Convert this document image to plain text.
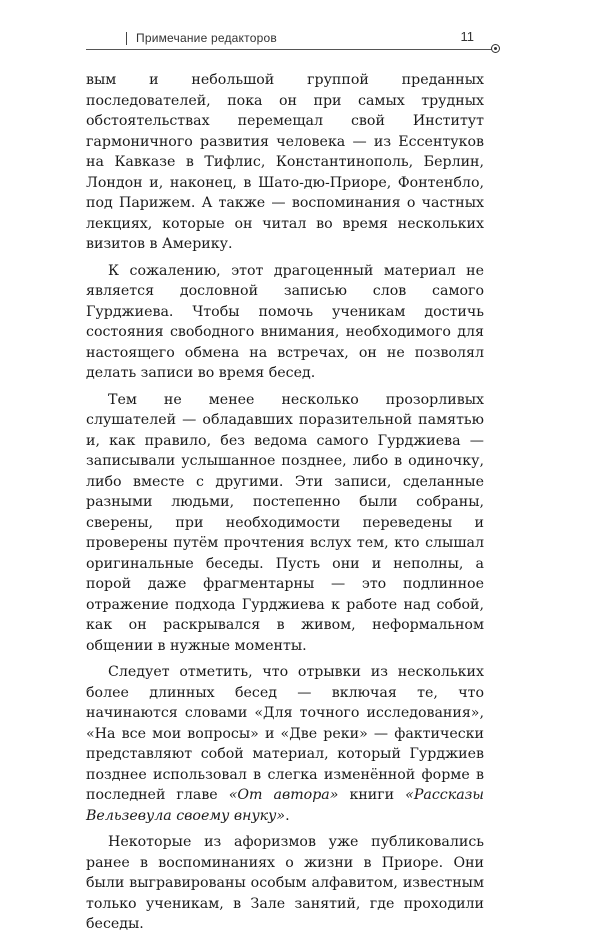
Примечание редакторов	11

вым и небольшой группой преданных последователей, пока он при самых трудных обстоятельствах перемещал свой Институт гармоничного развития человека — из Ессентуков на Кавказе в Тифлис, Константинополь, Берлин, Лондон и, наконец, в Шато-дю-Приоре, Фонтенбло, под Парижем. А также — воспоминания о частных лекциях, которые он читал во время нескольких визитов в Америку.

К сожалению, этот драгоценный материал не является дословной записью слов самого Гурджиева. Чтобы помочь ученикам достичь состояния свободного внимания, необходимого для настоящего обмена на встречах, он не позволял делать записи во время бесед.

Тем не менее несколько прозорливых слушателей — обладавших поразительной памятью и, как правило, без ведома самого Гурджиева — записывали услышанное позднее, либо в одиночку, либо вместе с другими. Эти записи, сделанные разными людьми, постепенно были собраны, сверены, при необходимости переведены и проверены путём прочтения вслух тем, кто слышал оригинальные беседы. Пусть они и неполны, а порой даже фрагментарны — это подлинное отражение подхода Гурджиева к работе над собой, как он раскрывался в живом, неформальном общении в нужные моменты.

Следует отметить, что отрывки из нескольких более длинных бесед — включая те, что начинаются словами «Для точного исследования», «На все мои вопросы» и «Две реки» — фактически представляют собой материал, который Гурджиев позднее использовал в слегка изменённой форме в последней главе «От автора» книги «Рассказы Вельзевула своему внуку».

Некоторые из афоризмов уже публиковались ранее в воспоминаниях о жизни в Приоре. Они были выгравированы особым алфавитом, известным только ученикам, в Зале занятий, где проходили беседы.
